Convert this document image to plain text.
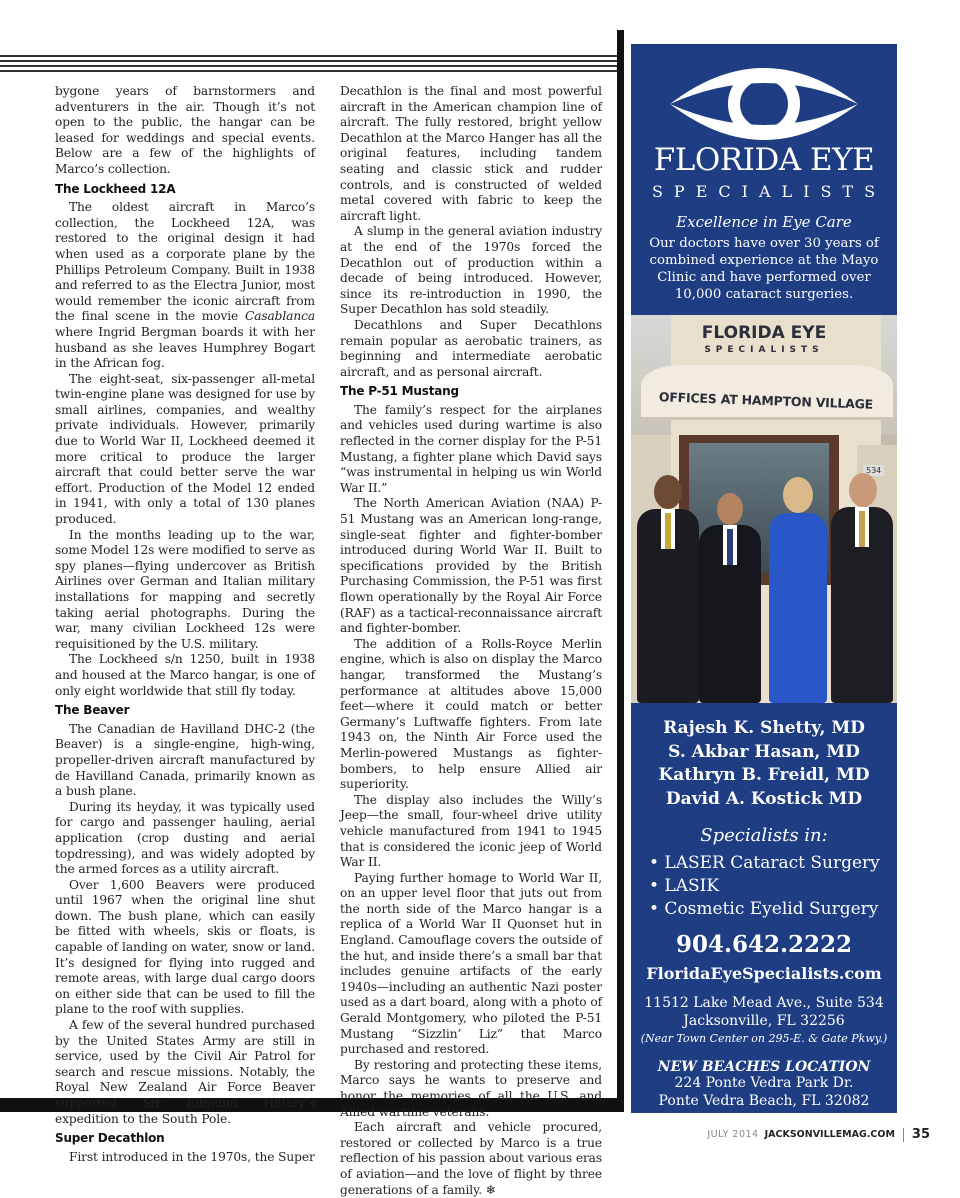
bygone years of barnstormers and adventurers in the air. Though it’s not open to the public, the hangar can be leased for weddings and special events. Below are a few of the highlights of Marco’s collection.

The Lockheed 12A

The oldest aircraft in Marco’s collection, the Lockheed 12A, was restored to the original design it had when used as a corporate plane by the Phillips Petroleum Company. Built in 1938 and referred to as the Electra Junior, most would remember the iconic aircraft from the final scene in the movie Casablanca where Ingrid Bergman boards it with her husband as she leaves Humphrey Bogart in the African fog.

The eight-seat, six-passenger all-metal twin-engine plane was designed for use by small airlines, companies, and wealthy private individuals. However, primarily due to World War II, Lockheed deemed it more critical to produce the larger aircraft that could better serve the war effort. Production of the Model 12 ended in 1941, with only a total of 130 planes produced.

In the months leading up to the war, some Model 12s were modified to serve as spy planes—flying undercover as British Airlines over German and Italian military installations for mapping and secretly taking aerial photographs. During the war, many civilian Lockheed 12s were requisitioned by the U.S. military.

The Lockheed s/n 1250, built in 1938 and housed at the Marco hangar, is one of only eight worldwide that still fly today.

The Beaver

The Canadian de Havilland DHC-2 (the Beaver) is a single-engine, high-wing, propeller-driven aircraft manufactured by de Havilland Canada, primarily known as a bush plane.

During its heyday, it was typically used for cargo and passenger hauling, aerial application (crop dusting and aerial topdressing), and was widely adopted by the armed forces as a utility aircraft.

Over 1,600 Beavers were produced until 1967 when the original line shut down. The bush plane, which can easily be fitted with wheels, skis or floats, is capable of landing on water, snow or land. It’s designed for flying into rugged and remote areas, with large dual cargo doors on either side that can be used to fill the plane to the roof with supplies.

A few of the several hundred purchased by the United States Army are still in service, used by the Civil Air Patrol for search and rescue missions. Notably, the Royal New Zealand Air Force Beaver supported Sir Edmund Hillary’s expedition to the South Pole.

Super Decathlon

First introduced in the 1970s, the Super

Decathlon is the final and most powerful aircraft in the American champion line of aircraft. The fully restored, bright yellow Decathlon at the Marco Hanger has all the original features, including tandem seating and classic stick and rudder controls, and is constructed of welded metal covered with fabric to keep the aircraft light.

A slump in the general aviation industry at the end of the 1970s forced the Decathlon out of production within a decade of being introduced. However, since its re-introduction in 1990, the Super Decathlon has sold steadily.

Decathlons and Super Decathlons remain popular as aerobatic trainers, as beginning and intermediate aerobatic aircraft, and as personal aircraft.

The P-51 Mustang

The family’s respect for the airplanes and vehicles used during wartime is also reflected in the corner display for the P-51 Mustang, a fighter plane which David says “was instrumental in helping us win World War II.”

The North American Aviation (NAA) P-51 Mustang was an American long-range, single-seat fighter and fighter-bomber introduced during World War II. Built to specifications provided by the British Purchasing Commission, the P-51 was first flown operationally by the Royal Air Force (RAF) as a tactical-reconnaissance aircraft and fighter-bomber.

The addition of a Rolls-Royce Merlin engine, which is also on display the Marco hangar, transformed the Mustang’s performance at altitudes above 15,000 feet—where it could match or better Germany’s Luftwaffe fighters. From late 1943 on, the Ninth Air Force used the Merlin-powered Mustangs as fighter-bombers, to help ensure Allied air superiority.

The display also includes the Willy’s Jeep—the small, four-wheel drive utility vehicle manufactured from 1941 to 1945 that is considered the iconic jeep of World War II.

Paying further homage to World War II, on an upper level floor that juts out from the north side of the Marco hangar is a replica of a World War II Quonset hut in England. Camouflage covers the outside of the hut, and inside there’s a small bar that includes genuine artifacts of the early 1940s—including an authentic Nazi poster used as a dart board, along with a photo of Gerald Montgomery, who piloted the P-51 Mustang “Sizzlin’ Liz” that Marco purchased and restored.

By restoring and protecting these items, Marco says he wants to preserve and honor the memories of all the U.S. and Allied wartime veterans.

Each aircraft and vehicle procured, restored or collected by Marco is a true reflection of his passion about various eras of aviation—and the love of flight by three generations of a family. ❄

FLORIDA EYE
SPECIALISTS
Excellence in Eye Care
Our doctors have over 30 years of combined experience at the Mayo Clinic and have performed over 10,000 cataract surgeries.
FLORIDA EYE
SPECIALISTS
OFFICES AT HAMPTON VILLAGE
534
Rajesh K. Shetty, MD
S. Akbar Hasan, MD
Kathryn B. Freidl, MD
David A. Kostick MD
Specialists in:
• LASER Cataract Surgery
• LASIK
• Cosmetic Eyelid Surgery
904.642.2222
FloridaEyeSpecialists.com
11512 Lake Mead Ave., Suite 534
Jacksonville, FL 32256
(Near Town Center on 295-E. & Gate Pkwy.)
NEW BEACHES LOCATION
224 Ponte Vedra Park Dr.
Ponte Vedra Beach, FL 32082
JULY 2014 JACKSONVILLEMAG.COM 35
